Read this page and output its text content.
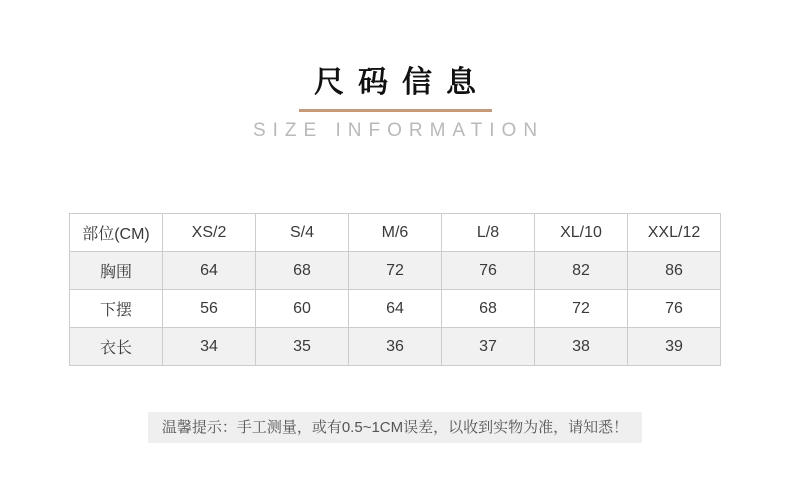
尺码信息
SIZE INFORMATION
部位(CM)	XS/2	S/4	M/6	L/8	XL/10	XXL/12
胸围	64	68	72	76	82	86
下摆	56	60	64	68	72	76
衣长	34	35	36	37	38	39
温馨提示：手工测量，或有0.5~1CM误差，以收到实物为准，请知悉！
